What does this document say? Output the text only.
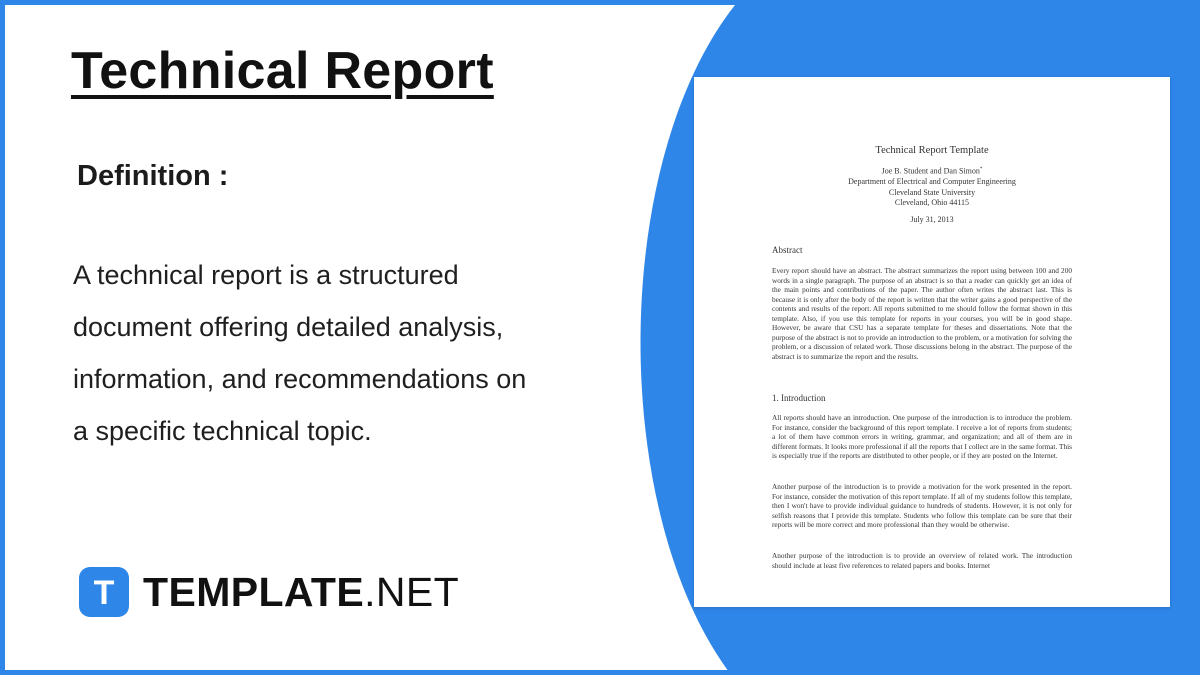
Technical Report
Definition :
A technical report is a structured document offering detailed analysis, information, and recommendations on a specific technical topic.
T TEMPLATE.NET
Technical Report Template
Joe B. Student and Dan Simon*
Department of Electrical and Computer Engineering
Cleveland State University
Cleveland, Ohio 44115
July 31, 2013
Abstract
Every report should have an abstract. The abstract summarizes the report using between 100 and 200 words in a single paragraph. The purpose of an abstract is so that a reader can quickly get an idea of the main points and contributions of the paper. The author often writes the abstract last. This is because it is only after the body of the report is written that the writer gains a good perspective of the contents and results of the report. All reports submitted to me should follow the format shown in this template. Also, if you use this template for reports in your courses, you will be in good shape. However, be aware that CSU has a separate template for theses and dissertations. Note that the purpose of the abstract is not to provide an introduction to the problem, or a motivation for solving the problem, or a discussion of related work. Those discussions belong in the abstract. The purpose of the abstract is to summarize the report and the results.
1. Introduction
All reports should have an introduction. One purpose of the introduction is to introduce the problem. For instance, consider the background of this report template. I receive a lot of reports from students; a lot of them have common errors in writing, grammar, and organization; and all of them are in different formats. It looks more professional if all the reports that I collect are in the same format. This is especially true if the reports are distributed to other people, or if they are posted on the Internet.
Another purpose of the introduction is to provide a motivation for the work presented in the report. For instance, consider the motivation of this report template. If all of my students follow this template, then I won't have to provide individual guidance to hundreds of students. However, it is not only for selfish reasons that I provide this template. Students who follow this template can be sure that their reports will be more correct and more professional than they would be otherwise.
Another purpose of the introduction is to provide an overview of related work. The introduction should include at least five references to related papers and books. Internet
